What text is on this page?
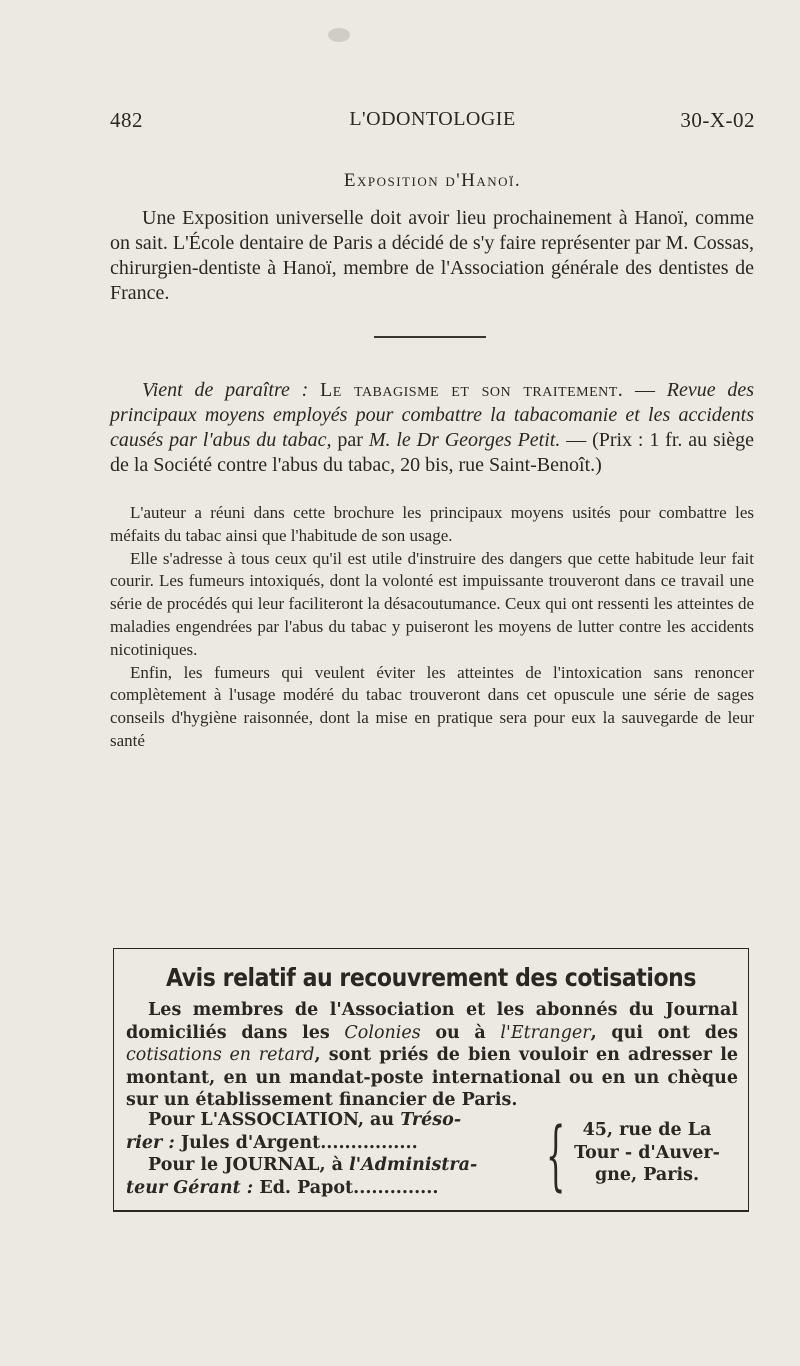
482	L'ODONTOLOGIE	30-X-02
Exposition d'Hanoï.

Une Exposition universelle doit avoir lieu prochainement à Hanoï, comme on sait. L'École dentaire de Paris a décidé de s'y faire représenter par M. Cossas, chirurgien-dentiste à Hanoï, membre de l'Association générale des dentistes de France.

Vient de paraître : Le tabagisme et son traitement. — Revue des principaux moyens employés pour combattre la tabacomanie et les accidents causés par l'abus du tabac, par M. le Dr Georges Petit. — (Prix : 1 fr. au siège de la Société contre l'abus du tabac, 20 bis, rue Saint-Benoît.)

L'auteur a réuni dans cette brochure les principaux moyens usités pour combattre les méfaits du tabac ainsi que l'habitude de son usage.

Elle s'adresse à tous ceux qu'il est utile d'instruire des dangers que cette habitude leur fait courir. Les fumeurs intoxiqués, dont la volonté est impuissante trouveront dans ce travail une série de procédés qui leur faciliteront la désacoutumance. Ceux qui ont ressenti les atteintes de maladies engendrées par l'abus du tabac y puiseront les moyens de lutter contre les accidents nicotiniques.

Enfin, les fumeurs qui veulent éviter les atteintes de l'intoxication sans renoncer complètement à l'usage modéré du tabac trouveront dans cet opuscule une série de sages conseils d'hygiène raisonnée, dont la mise en pratique sera pour eux la sauvegarde de leur santé

Avis relatif au recouvrement des cotisations

Les membres de l'Association et les abonnés du Journal domiciliés dans les Colonies ou à l'Etranger, qui ont des cotisations en retard, sont priés de bien vouloir en adresser le montant, en un mandat-poste international ou en un chèque sur un établissement financier de Paris.

Pour L'ASSOCIATION, au Tréso-
rier : Jules d'Argent................
Pour le JOURNAL, à l'Administra-
teur Gérant : Ed. Papot..............	{ 45, rue de La Tour - d'Auver- gne, Paris.
